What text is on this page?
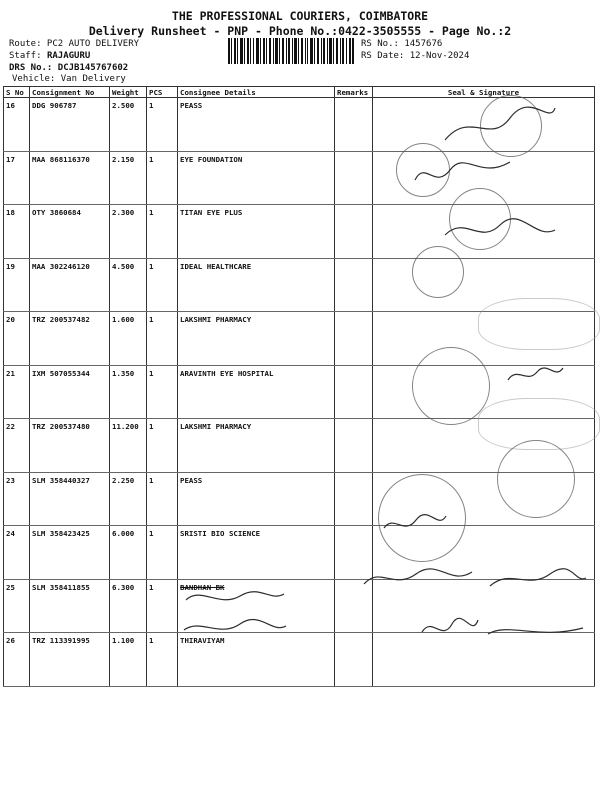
THE PROFESSIONAL COURIERS, COIMBATORE
Delivery Runsheet - PNP - Phone No.:0422-3505555 - Page No.:2
Route: PC2 AUTO DELIVERY
Staff: RAJAGURU
DRS No.: DCJB145767602
Vehicle: Van Delivery
RS No.: 1457676
RS Date: 12-Nov-2024
S No	Consignment No	Weight	PCS	Consignee Details	Remarks	Seal & Signature
16	DDG 906787	2.500	1	PEASS		
17	MAA 868116370	2.150	1	EYE FOUNDATION		
18	OTY 3860684	2.300	1	TITAN EYE PLUS		
19	MAA 302246120	4.500	1	IDEAL HEALTHCARE		
20	TRZ 200537482	1.600	1	LAKSHMI PHARMACY		
21	IXM 507055344	1.350	1	ARAVINTH EYE HOSPITAL		
22	TRZ 200537480	11.200	1	LAKSHMI PHARMACY		
23	SLM 358440327	2.250	1	PEASS		
24	SLM 358423425	6.000	1	SRISTI BIO SCIENCE		
25	SLM 358411855	6.300	1	BANDHAN BK		
26	TRZ 113391995	1.100	1	THIRAVIYAM		
